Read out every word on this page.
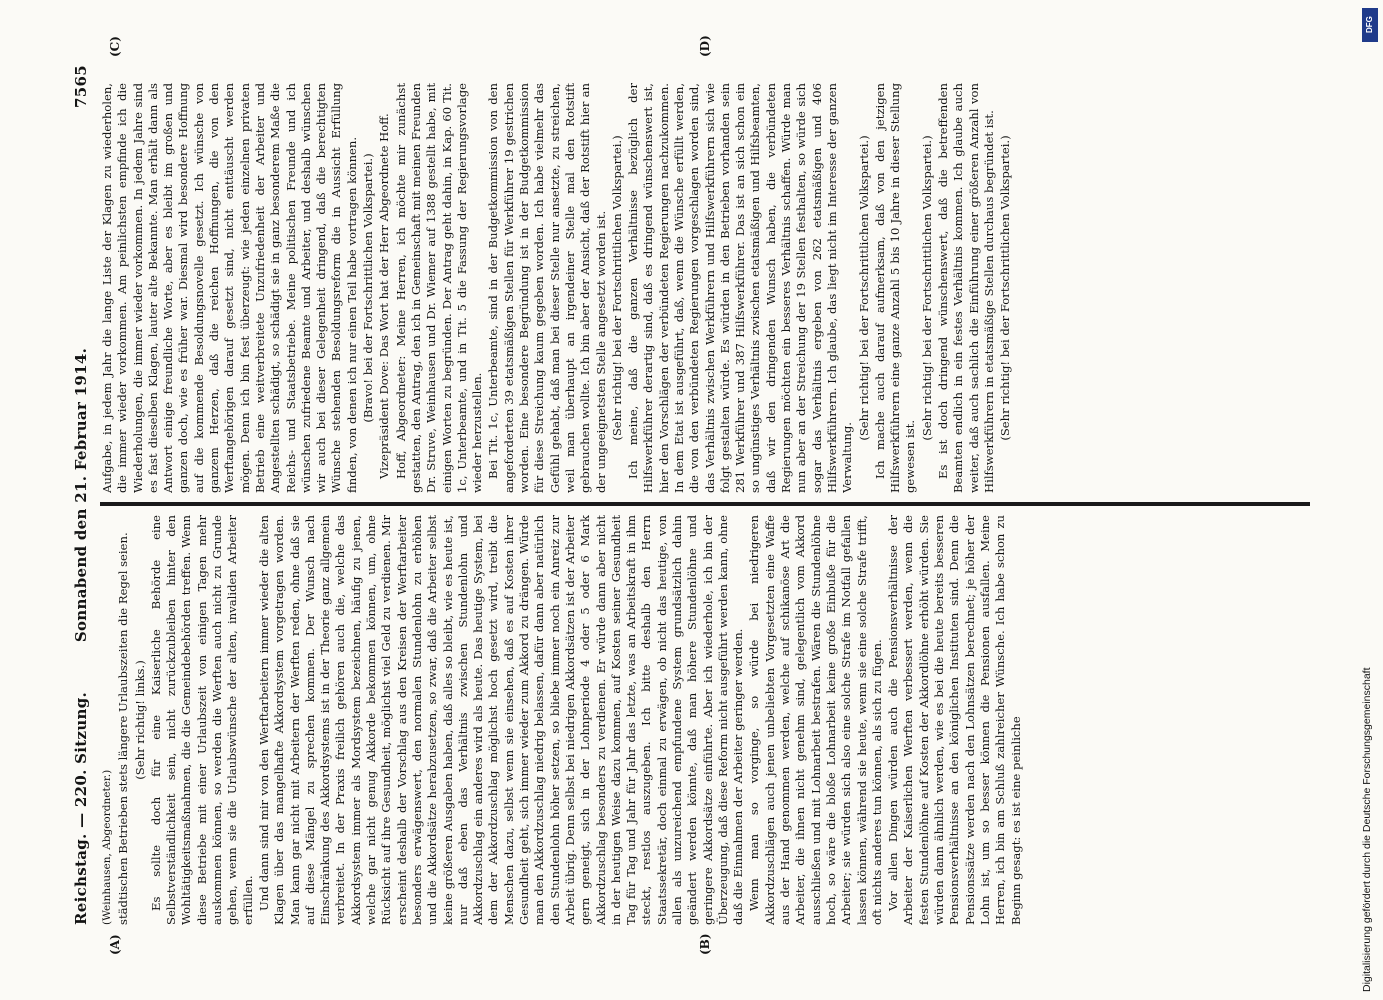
Reichstag. — 220. Sitzung.
Sonnabend den 21. Februar 1914.
7565

(Weinhausen, Abgeordneter.) städtischen Betrieben stets längere Urlaubszeiten die Regel seien. (Sehr richtig! links.) Es sollte doch für eine Kaiserliche Behörde eine Selbstverständlichkeit sein, nicht zurückzubleiben hinter den Wohltätigkeitsmaßnahmen, die die Gemeindebehörden treffen. Wenn diese Betriebe mit einer Urlaubszeit von einigen Tagen mehr auskommen können, so werden die Werften auch nicht zu Grunde gehen, wenn sie die Urlaubswünsche der alten, invaliden Arbeiter erfüllen. Und dann sind mir von den Werftarbeitern immer wieder die alten Klagen über das mangelhafte Akkordsystem vorgetragen worden. Man kann gar nicht mit Arbeitern der Werften reden, ohne daß sie auf diese Mängel zu sprechen kommen. Der Wunsch nach Einschränkung des Akkordsystems ist in der Theorie ganz allgemein verbreitet. In der Praxis freilich gehören auch die, welche das Akkordsystem immer als Mordsystem bezeichnen, häufig zu jenen, welche gar nicht genug Akkorde bekommen können, um, ohne Rücksicht auf ihre Gesundheit, möglichst viel Geld zu verdienen. Mir erscheint deshalb der Vorschlag aus den Kreisen der Werftarbeiter besonders erwägenswert, den normalen Stundenlohn zu erhöhen und die Akkordsätze herabzusetzen, so zwar, daß die Arbeiter selbst keine größeren Ausgaben haben, daß alles so bleibt, wie es heute ist, nur daß eben das Verhältnis zwischen Stundenlohn und Akkordzuschlag ein anderes wird als heute. Das heutige System, bei dem der Akkordzuschlag möglichst hoch gesetzt wird, treibt die Menschen dazu, selbst wenn sie einsehen, daß es auf Kosten ihrer Gesundheit geht, sich immer wieder zum Akkord zu drängen. Würde man den Akkordzuschlag niedrig belassen, dafür dann aber natürlich den Stundenlohn höher setzen, so bliebe immer noch ein Anreiz zur Arbeit übrig. Denn selbst bei niedrigen Akkordsätzen ist der Arbeiter gern geneigt, sich in der Lohnperiode 4 oder 5 oder 6 Mark Akkordzuschlag besonders zu verdienen. Er würde dann aber nicht in der heutigen Weise dazu kommen, auf Kosten seiner Gesundheit Tag für Tag und Jahr für Jahr das letzte, was an Arbeitskraft in ihm steckt, restlos auszugeben. Ich bitte deshalb den Herrn Staatssekretär, doch einmal zu erwägen, ob nicht das heutige, von allen als unzureichend empfundene System grundsätzlich dahin geändert werden könnte, daß man höhere Stundenlöhne und geringere Akkordsätze einführte. Aber ich wiederhole, ich bin der Überzeugung, daß diese Reform nicht ausgeführt werden kann, ohne daß die Einnahmen der Arbeiter geringer werden. Wenn man so vorginge, so würde bei niedrigeren Akkordzuschlägen auch jenen unbeliebten Vorgesetzten eine Waffe aus der Hand genommen werden, welche auf schikanöse Art die Arbeiter, die ihnen nicht genehm sind, gelegentlich vom Akkord ausschließen und mit Lohnarbeit bestrafen. Wären die Stundenlöhne hoch, so wäre die bloße Lohnarbeit keine große Einbuße für die Arbeiter; sie würden sich also eine solche Strafe im Notfall gefallen lassen können, während sie heute, wenn sie eine solche Strafe trifft, oft nichts anderes tun können, als sich zu fügen. Vor allen Dingen würden auch die Pensionsverhältnisse der Arbeiter der Kaiserlichen Werften verbessert werden, wenn die festen Stundenlöhne auf Kosten der Akkordlöhne erhöht würden. Sie würden dann ähnlich werden, wie es bei die heute bereits besseren Pensionsverhältnisse an den königlichen Instituten sind. Denn die Pensionssätze werden nach den Lohnsätzen berechnet; je höher der Lohn ist, um so besser können die Pensionen ausfallen. Meine Herren, ich bin am Schluß zahlreicher Wünsche. Ich habe schon zu Beginn gesagt: es ist eine peinliche

Aufgabe, in jedem Jahr die lange Liste der Klagen zu wiederholen, die immer wieder vorkommen. Am peinlichsten empfinde ich die Wiederholungen, die immer wieder vorkommen. In jedem Jahre sind es fast dieselben Klagen, lauter alte Bekannte. Man erhält dann als Antwort einige freundliche Worte, aber es bleibt im großen und ganzen doch, wie es früher war. Diesmal wird besondere Hoffnung auf die kommende Besoldungsnovelle gesetzt. Ich wünsche von ganzem Herzen, daß die reichen Hoffnungen, die von den Werftangehörigen darauf gesetzt sind, nicht enttäuscht werden mögen. Denn ich bin fest überzeugt: wie jeden einzelnen privaten Betrieb eine weitverbreitete Unzufriedenheit der Arbeiter und Angestellten schädigt, so schädigt sie in ganz besonderem Maße die Reichs- und Staatsbetriebe. Meine politischen Freunde und ich wünschen zufriedene Beamte und Arbeiter, und deshalb wünschen wir auch bei dieser Gelegenheit dringend, daß die berechtigten Wünsche stehenden Besoldungsreform die in Aussicht Erfüllung finden, von denen ich nur einen Teil habe vortragen können. (Bravo! bei der Fortschrittlichen Volkspartei.) Vizepräsident Dove: Das Wort hat der Herr Abgeordnete Hoff. Hoff, Abgeordneter: Meine Herren, ich möchte mir zunächst gestatten, den Antrag, den ich in Gemeinschaft mit meinen Freunden Dr. Struve, Weinhausen und Dr. Wiemer auf 1388 gestellt habe, mit einigen Worten zu begründen. Der Antrag geht dahin, in Kap. 60 Tit. 1c, Unterbeamte, und in Tit. 5 die Fassung der Regierungsvorlage wieder herzustellen. Bei Tit. 1c, Unterbeamte, sind in der Budgetkommission von den angeforderten 39 etatsmäßigen Stellen für Werkführer 19 gestrichen worden. Eine besondere Begründung ist in der Budgetkommission für diese Streichung kaum gegeben worden. Ich habe vielmehr das Gefühl gehabt, daß man bei dieser Stelle nur ansetzte, zu streichen, weil man überhaupt an irgendeiner Stelle mal den Rotstift gebrauchen wollte. Ich bin aber der Ansicht, daß der Rotstift hier an der ungeeignetsten Stelle angesetzt worden ist. (Sehr richtig! bei der Fortschrittlichen Volkspartei.) Ich meine, daß die ganzen Verhältnisse bezüglich der Hilfswerkführer derartig sind, daß es dringend wünschenswert ist, hier den Vorschlägen der verbündeten Regierungen nachzukommen. In dem Etat ist ausgeführt, daß, wenn die Wünsche erfüllt werden, die von den verbündeten Regierungen vorgeschlagen worden sind, das Verhältnis zwischen Werkführern und Hilfswerkführern sich wie folgt gestalten würde. Es würden in den Betrieben vorhanden sein 281 Werkführer und 387 Hilfswerkführer. Das ist an sich schon ein so ungünstiges Verhältnis zwischen etatsmäßigen und Hilfsbeamten, daß wir den dringenden Wunsch haben, die verbündeten Regierungen möchten ein besseres Verhältnis schaffen. Würde man nun aber an der Streichung der 19 Stellen festhalten, so würde sich sogar das Verhältnis ergeben von 262 etatsmäßigen und 406 Hilfswerkführern. Ich glaube, das liegt nicht im Interesse der ganzen Verwaltung.

(Sehr richtig! bei der Fortschrittlichen Volkspartei.) Ich mache auch darauf aufmerksam, daß von den jetzigen Hilfswerkführern eine ganze Anzahl 5 bis 10 Jahre in dieser Stellung gewesen ist.

(Sehr richtig! bei der Fortschrittlichen Volkspartei.) Es ist doch dringend wünschenswert, daß die betreffenden Beamten endlich in ein festes Verhältnis kommen. Ich glaube auch weiter, daß auch sachlich die Einführung einer größeren Anzahl von Hilfswerkführern in etatsmäßige Stellen durchaus begründet ist. (Sehr richtig! bei der Fortschrittlichen Volkspartei.)

(A)	(B)
(C)	(D)
DFG
Digitalisierung gefördert durch die Deutsche Forschungsgemeinschaft
